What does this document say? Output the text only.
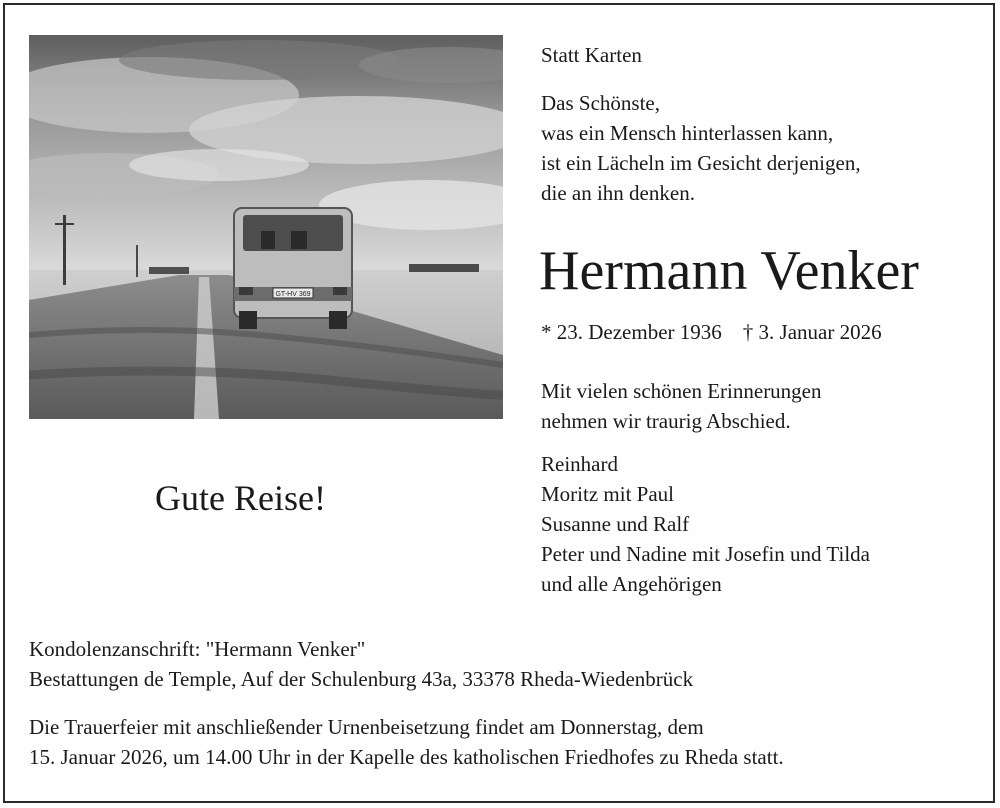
GT-HV 369
Statt Karten
Das Schönste,
was ein Mensch hinterlassen kann,
ist ein Lächeln im Gesicht derjenigen,
die an ihn denken.
Hermann Venker
* 23. Dezember 1936    † 3. Januar 2026
Mit vielen schönen Erinnerungen
nehmen wir traurig Abschied.
Reinhard
Moritz mit Paul
Susanne und Ralf
Peter und Nadine mit Josefin und Tilda
und alle Angehörigen
Gute Reise!
Kondolenzanschrift: "Hermann Venker"
Bestattungen de Temple, Auf der Schulenburg 43a, 33378 Rheda-Wiedenbrück
Die Trauerfeier mit anschließender Urnenbeisetzung findet am Donnerstag, dem
15. Januar 2026, um 14.00 Uhr in der Kapelle des katholischen Friedhofes zu Rheda statt.
